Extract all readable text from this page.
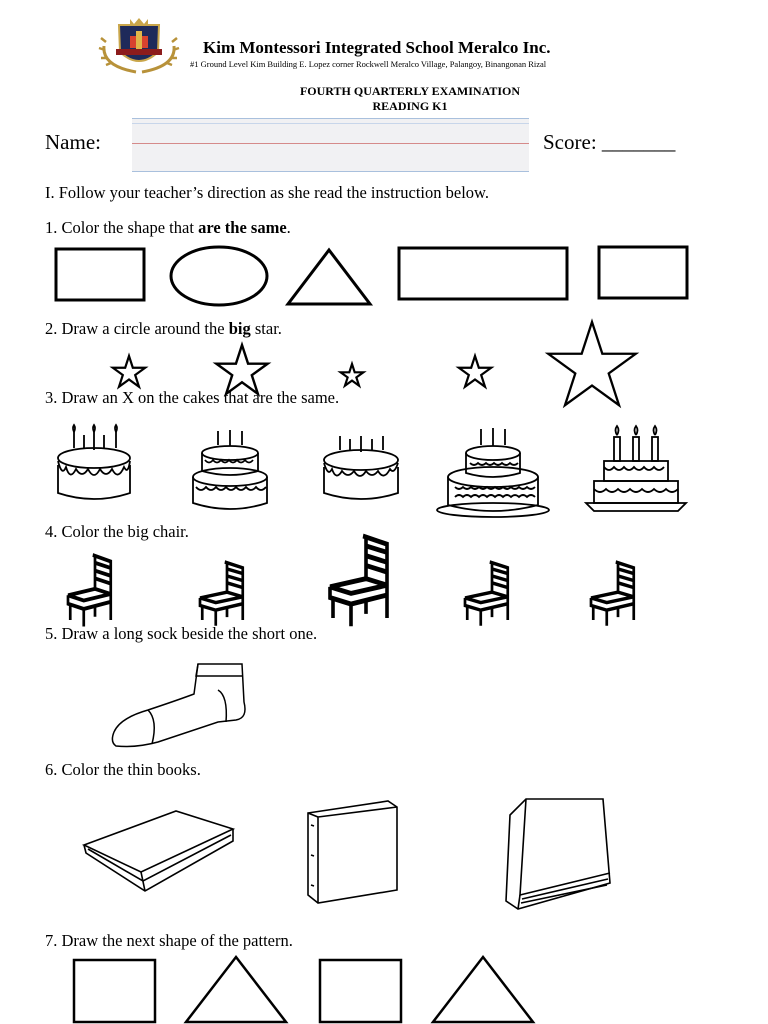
Kim Montessori Integrated School Meralco Inc.
#1 Ground Level Kim Building E. Lopez corner Rockwell Meralco Village, Palangoy, Binangonan Rizal
FOURTH QUARTERLY EXAMINATION
READING K1
Name:	Score: _______
I. Follow your teacher’s direction as she read the instruction below.
1. Color the shape that are the same.
2. Draw a circle around the big star.
3. Draw an X on the cakes that are the same.
4. Color the big chair.
5. Draw a long sock beside the short one.
6. Color the thin books.
7. Draw the next shape of the pattern.
